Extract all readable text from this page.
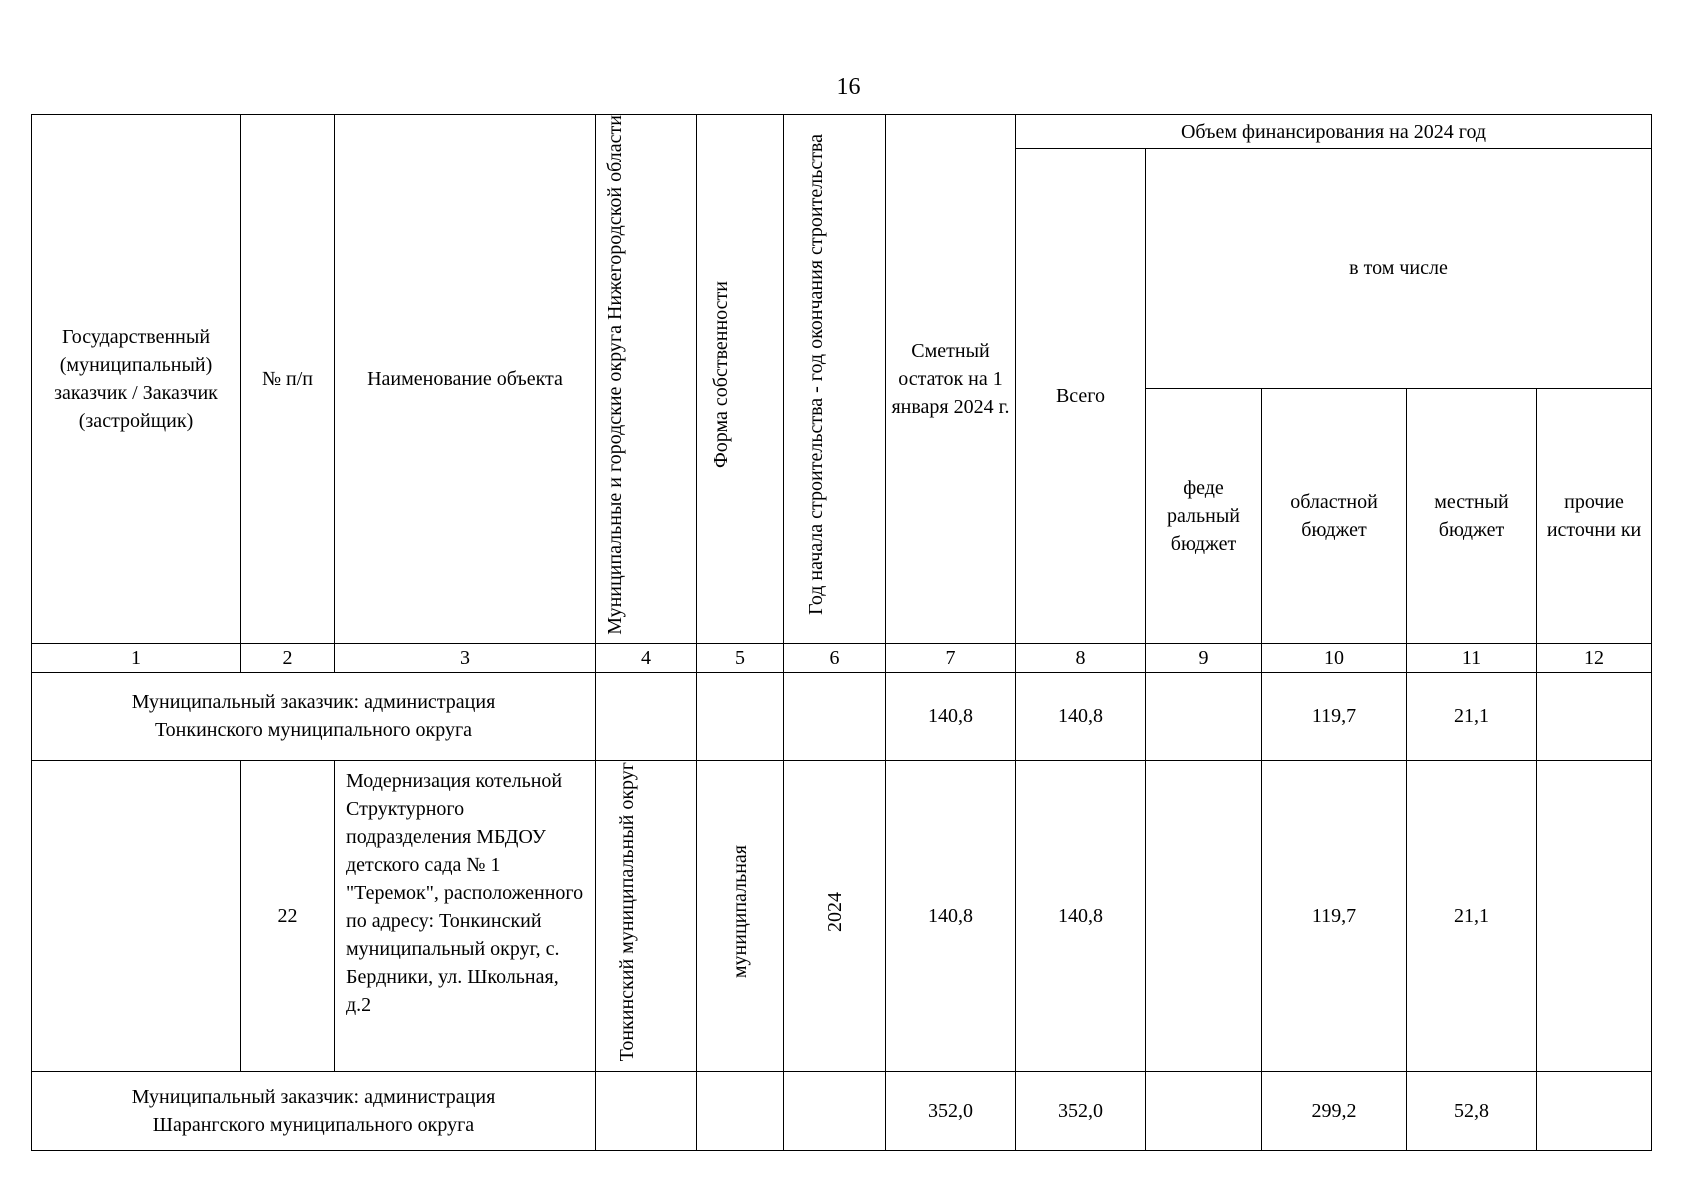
16
Государственный (муниципальный) заказчик / Заказчик (застройщик)	№ п/п	Наименование объекта	Муниципальные и городские округа Нижегородской области	Форма собственности	Год начала строительства - год окончания строительства	Сметный остаток на 1 января 2024 г.	Объем финансирования на 2024 год				
							Всего	в том числе			
								феде ральный бюджет	областной бюджет	местный бюджет	прочие источни ки
1	2	3	4	5	6	7	8	9	10	11	12
Муниципальный заказчик: администрация Тонкинского муниципального округа						140,8	140,8		119,7	21,1	
	22	Модернизация котельной Структурного подразделения МБДОУ детского сада № 1 "Теремок", расположенного по адресу: Тонкинский муниципальный округ, с. Бердники, ул. Школьная, д.2	Тонкинский муниципальный округ	муниципальная	2024	140,8	140,8		119,7	21,1	
Муниципальный заказчик: администрация Шарангского муниципального округа						352,0	352,0		299,2	52,8	
